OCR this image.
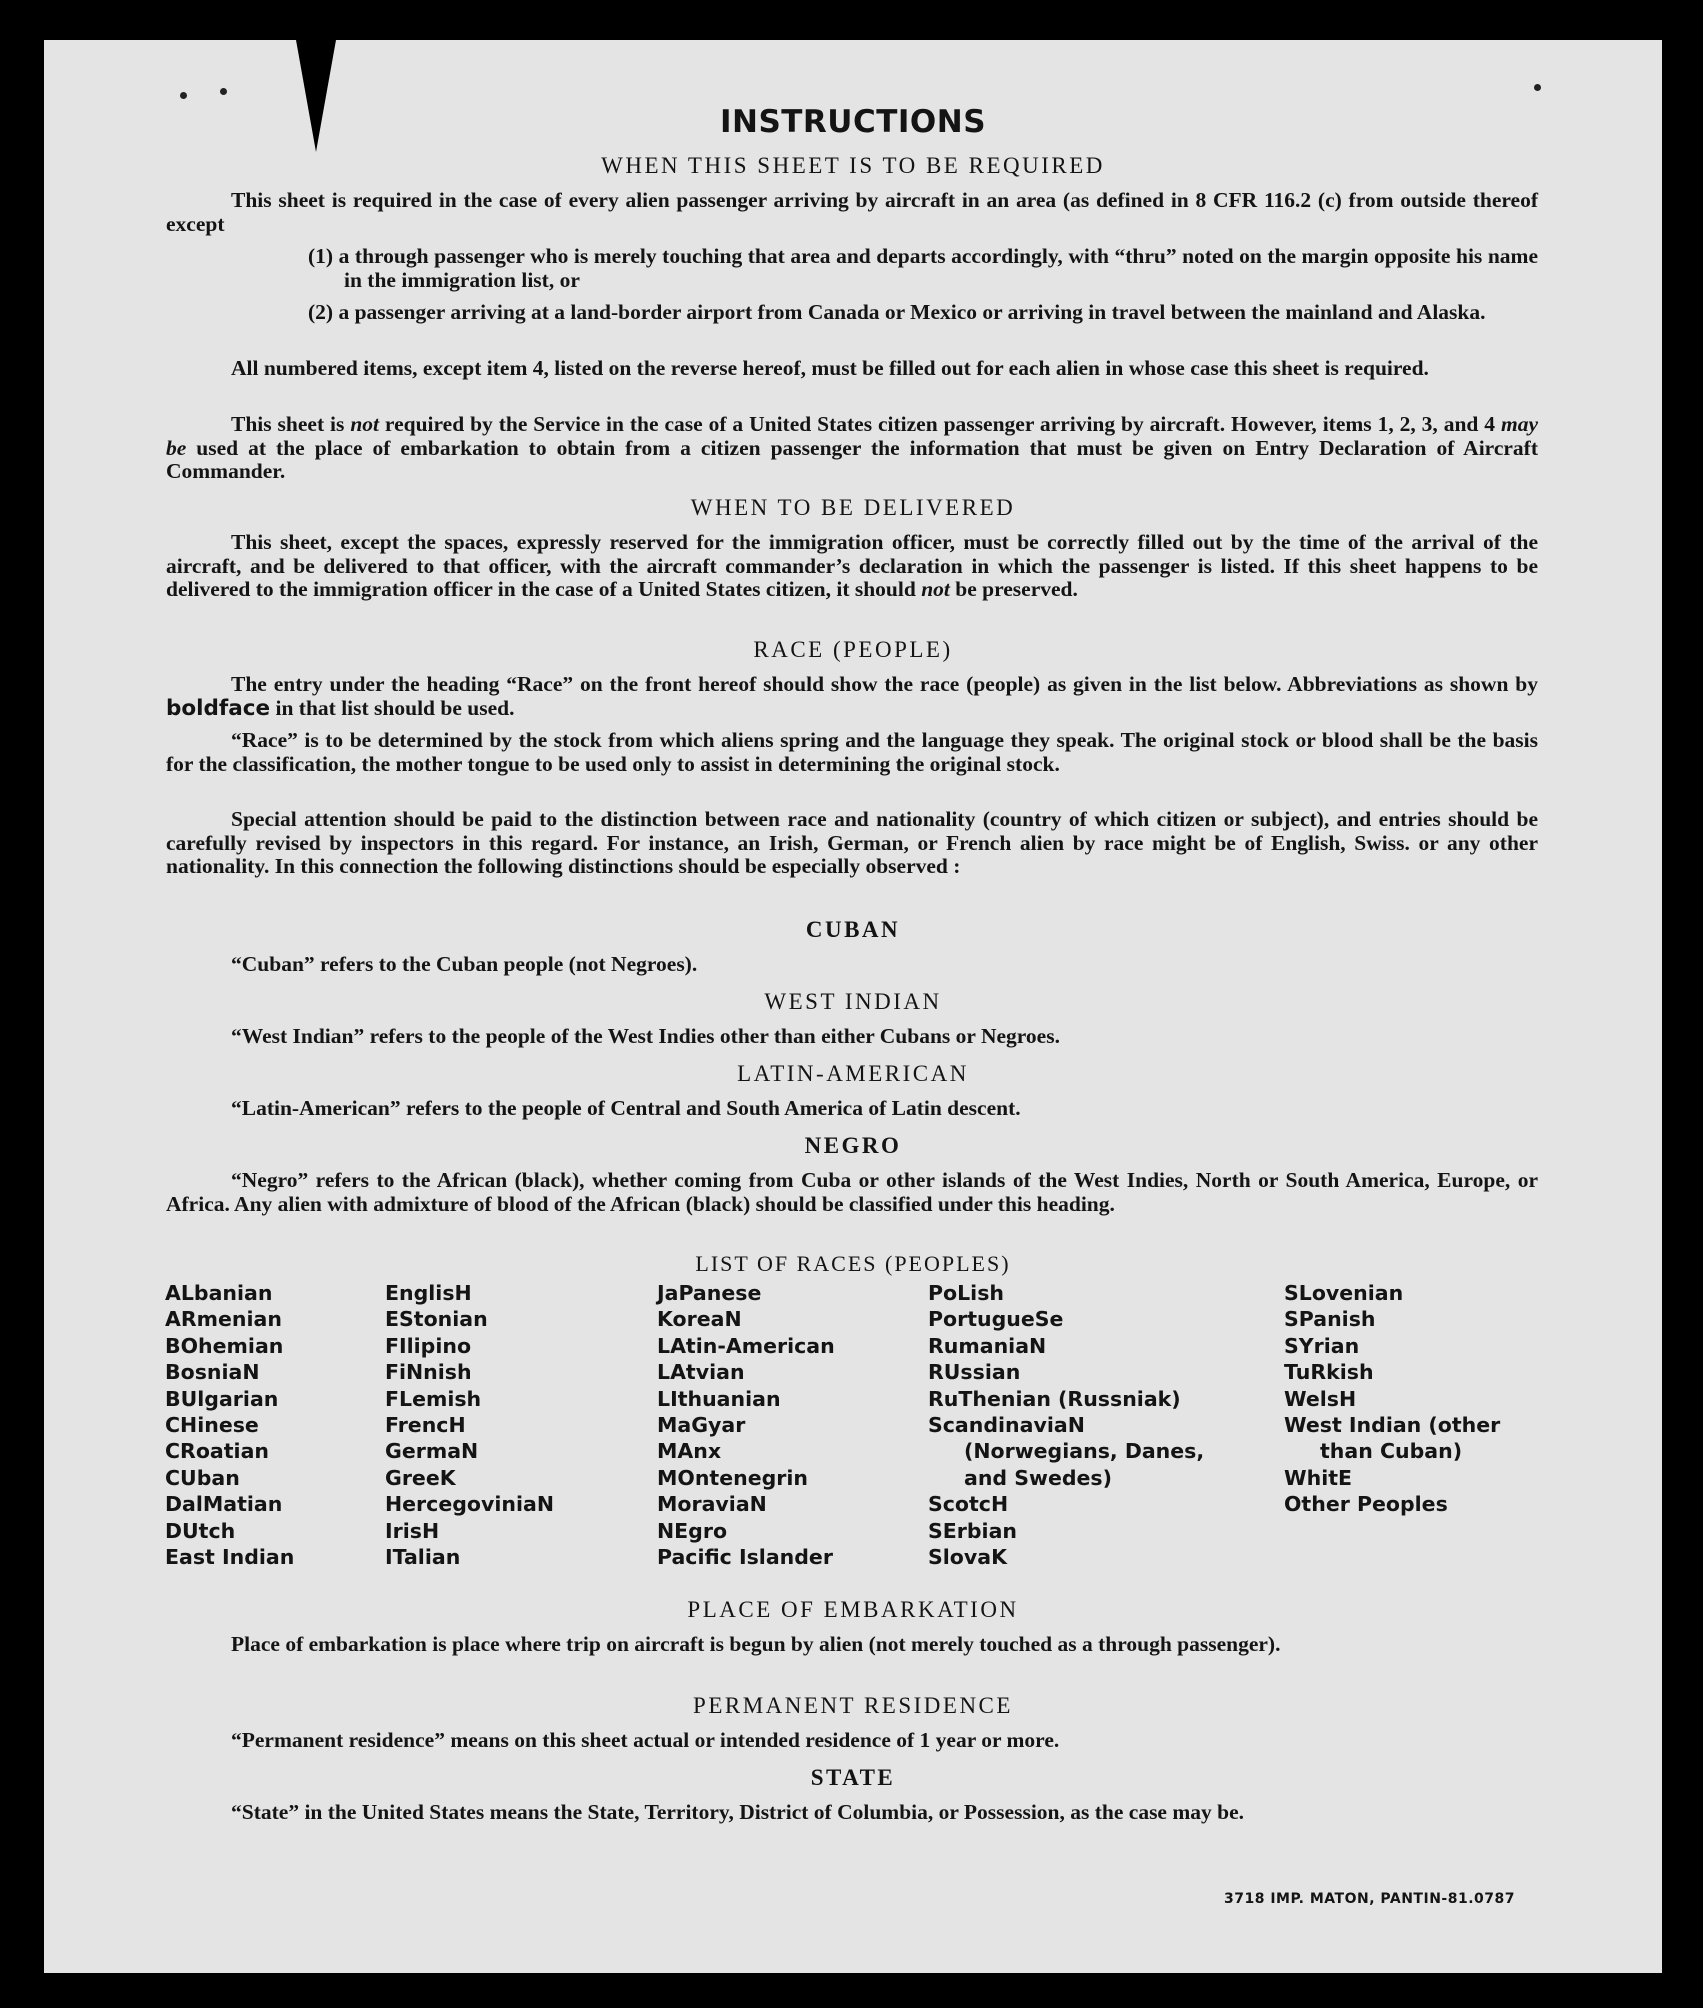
INSTRUCTIONS
WHEN THIS SHEET IS TO BE REQUIRED

This sheet is required in the case of every alien passenger arriving by aircraft in an area (as defined in 8 CFR 116.2 (c) from outside thereof except

(1) a through passenger who is merely touching that area and departs accordingly, with “thru” noted on the margin opposite his name in the immigration list, or

(2) a passenger arriving at a land-border airport from Canada or Mexico or arriving in travel between the mainland and Alaska.

All numbered items, except item 4, listed on the reverse hereof, must be filled out for each alien in whose case this sheet is required.

This sheet is not required by the Service in the case of a United States citizen passenger arriving by aircraft. However, items 1, 2, 3, and 4 may be used at the place of embarkation to obtain from a citizen passenger the information that must be given on Entry Declaration of Aircraft Commander.

WHEN TO BE DELIVERED

This sheet, except the spaces, expressly reserved for the immigration officer, must be correctly filled out by the time of the arrival of the aircraft, and be delivered to that officer, with the aircraft commander’s declaration in which the passenger is listed. If this sheet happens to be delivered to the immigration officer in the case of a United States citizen, it should not be preserved.

RACE (PEOPLE)

The entry under the heading “Race” on the front hereof should show the race (people) as given in the list below. Abbreviations as shown by boldface in that list should be used.

“Race” is to be determined by the stock from which aliens spring and the language they speak. The original stock or blood shall be the basis for the classification, the mother tongue to be used only to assist in determining the original stock.

Special attention should be paid to the distinction between race and nationality (country of which citizen or subject), and entries should be carefully revised by inspectors in this regard. For instance, an Irish, German, or French alien by race might be of English, Swiss. or any other nationality. In this connection the following distinctions should be especially observed :

CUBAN

“Cuban” refers to the Cuban people (not Negroes).

WEST INDIAN

“West Indian” refers to the people of the West Indies other than either Cubans or Negroes.

LATIN-AMERICAN

“Latin-American” refers to the people of Central and South America of Latin descent.

NEGRO

“Negro” refers to the African (black), whether coming from Cuba or other islands of the West Indies, North or South America, Europe, or Africa. Any alien with admixture of blood of the African (black) should be classified under this heading.

LIST OF RACES (PEOPLES)
ALbanian
ARmenian
BOhemian
BosniaN
BUlgarian
CHinese
CRoatian
CUban
DalMatian
DUtch
East Indian
EnglisH
EStonian
FIlipino
FiNnish
FLemish
FrencH
GermaN
GreeK
HercegoviniaN
IrisH
ITalian
JaPanese
KoreaN
LAtin-American
LAtvian
LIthuanian
MaGyar
MAnx
MOntenegrin
MoraviaN
NEgro
Pacific Islander
PoLish
PortugueSe
RumaniaN
RUssian
RuThenian (Russniak)
ScandinaviaN (Norwegians, Danes, and Swedes)
ScotcH
SErbian
SlovaK
SLovenian
SPanish
SYrian
TuRkish
WelsH
West Indian (other than Cuban)
WhitE
Other Peoples
PLACE OF EMBARKATION

Place of embarkation is place where trip on aircraft is begun by alien (not merely touched as a through passenger).

PERMANENT RESIDENCE

“Permanent residence” means on this sheet actual or intended residence of 1 year or more.

STATE

“State” in the United States means the State, Territory, District of Columbia, or Possession, as the case may be.

3718 IMP. MATON, PANTIN-81.0787
